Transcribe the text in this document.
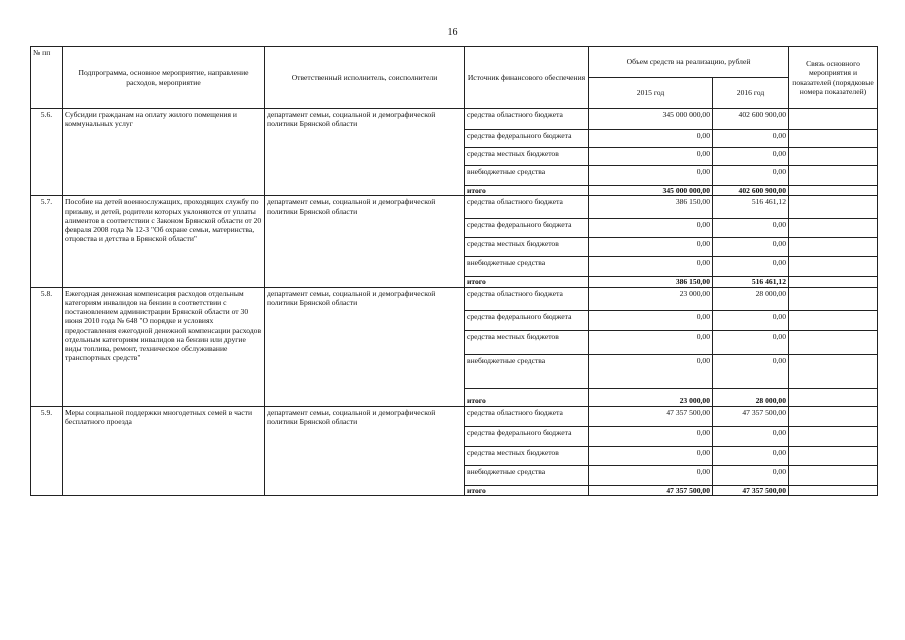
16
№ пп	Подпрограмма, основное мероприятие, направление расходов, мероприятие	Ответственный исполнитель, соисполнители	Источник финансового обеспечения	Объем средств на реализацию, рублей		Связь основного мероприятия и показателей (порядковые номера показателей)
				2015 год	2016 год	
5.6.	Субсидии гражданам на оплату жилого помещения и коммунальных услуг	департамент семьи, социальной и демографической политики Брянской области	средства областного бюджета	345 000 000,00	402 600 900,00	
			средства федерального бюджета	0,00	0,00	
			средства местных бюджетов	0,00	0,00	
			внебюджетные средства	0,00	0,00	
			итого	345 000 000,00	402 600 900,00	
5.7.	Пособие на детей военнослужащих, проходящих службу по призыву, и детей, родители которых уклоняются от уплаты алиментов в соответствии с Законом Брянской области от 20 февраля 2008 года № 12-З "Об охране семьи, материнства, отцовства и детства в Брянской области"	департамент семьи, социальной и демографической политики Брянской области	средства областного бюджета	386 150,00	516 461,12	
			средства федерального бюджета	0,00	0,00	
			средства местных бюджетов	0,00	0,00	
			внебюджетные средства	0,00	0,00	
			итого	386 150,00	516 461,12	
5.8.	Ежегодная денежная компенсация расходов отдельным категориям инвалидов на бензин в соответствии с постановлением администрации Брянской области от 30 июня 2010 года № 648 "О порядке и условиях предоставления ежегодной денежной компенсации расходов отдельным категориям инвалидов на бензин или другие виды топлива, ремонт, техническое обслуживание транспортных средств"	департамент семьи, социальной и демографической политики Брянской области	средства областного бюджета	23 000,00	28 000,00	
			средства федерального бюджета	0,00	0,00	
			средства местных бюджетов	0,00	0,00	
			внебюджетные средства	0,00	0,00	
			итого	23 000,00	28 000,00	
5.9.	Меры социальной поддержки многодетных семей в части бесплатного проезда	департамент семьи, социальной и демографической политики Брянской области	средства областного бюджета	47 357 500,00	47 357 500,00	
			средства федерального бюджета	0,00	0,00	
			средства местных бюджетов	0,00	0,00	
			внебюджетные средства	0,00	0,00	
			итого	47 357 500,00	47 357 500,00	
